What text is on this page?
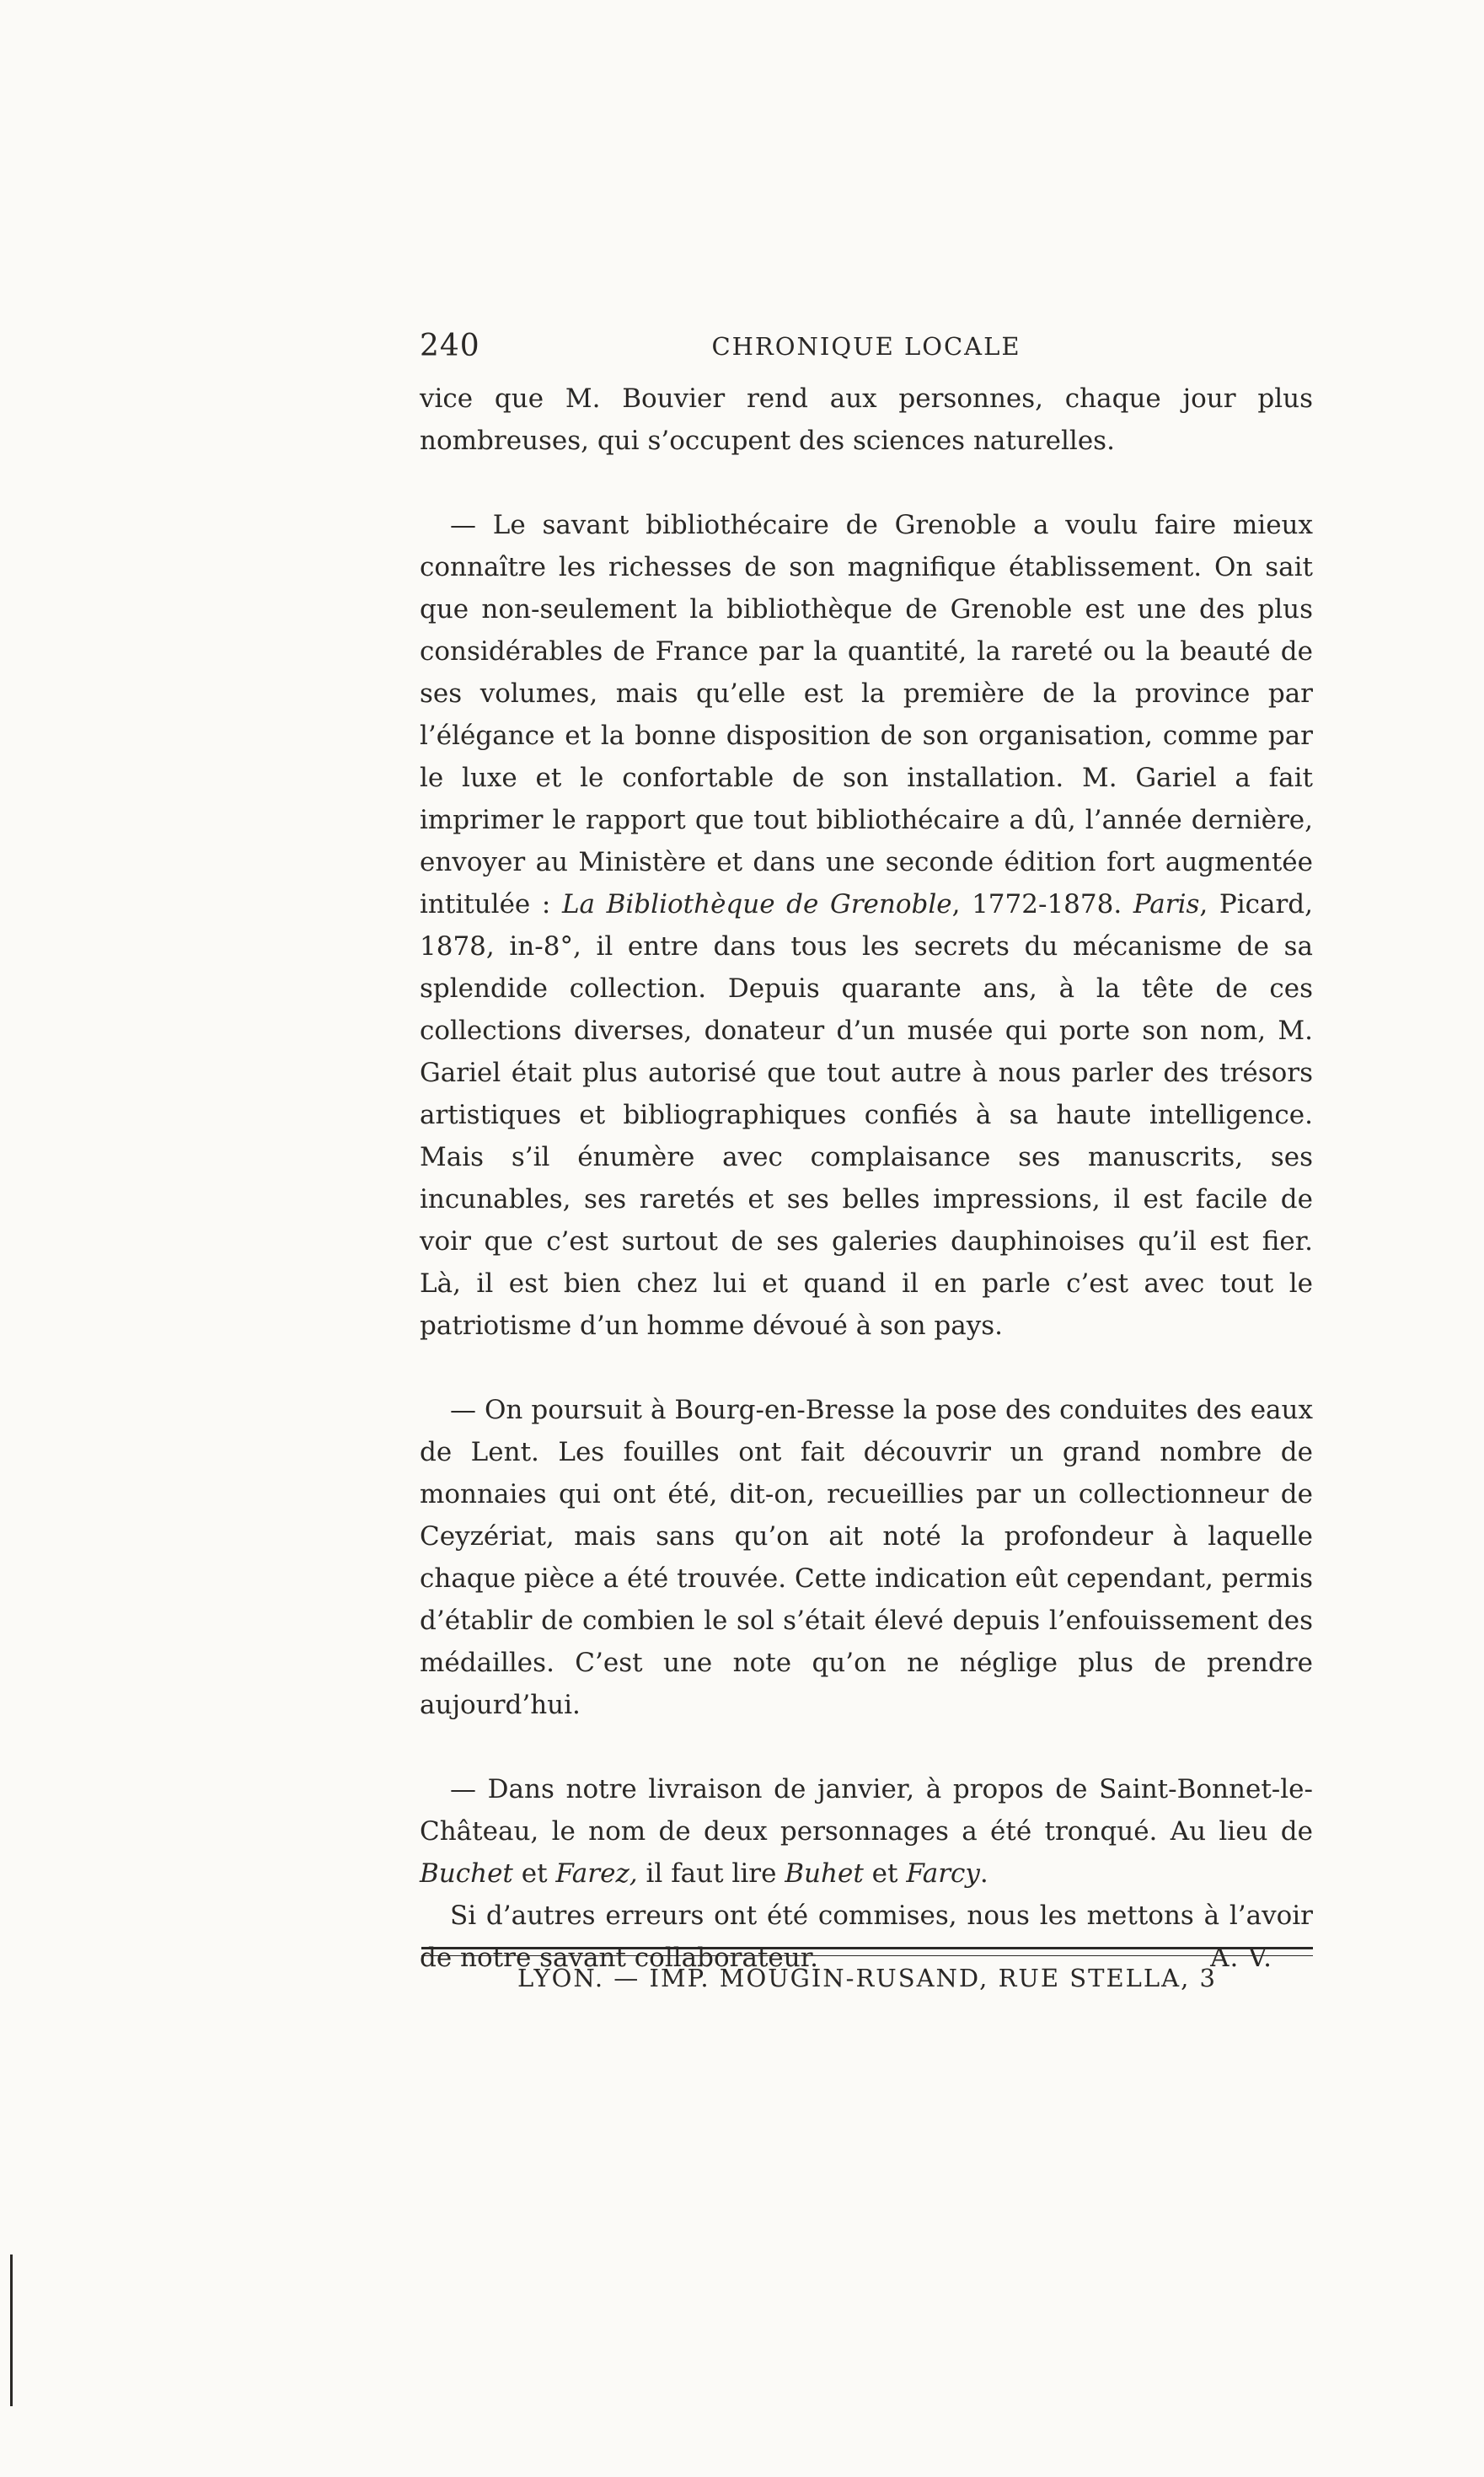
240	CHRONIQUE LOCALE

vice que M. Bouvier rend aux personnes, chaque jour plus nombreuses, qui s’occupent des sciences naturelles.

— Le savant bibliothécaire de Grenoble a voulu faire mieux connaître les richesses de son magnifique établissement. On sait que non-seulement la bibliothèque de Grenoble est une des plus considérables de France par la quantité, la rareté ou la beauté de ses volumes, mais qu’elle est la première de la province par l’élégance et la bonne disposition de son organisation, comme par le luxe et le confortable de son installation. M. Gariel a fait imprimer le rapport que tout bibliothécaire a dû, l’année dernière, envoyer au Ministère et dans une seconde édition fort augmentée intitulée : La Bibliothèque de Grenoble, 1772-1878. Paris, Picard, 1878, in-8°, il entre dans tous les secrets du mécanisme de sa splendide collection. Depuis quarante ans, à la tête de ces collections diverses, donateur d’un musée qui porte son nom, M. Gariel était plus autorisé que tout autre à nous parler des trésors artistiques et bibliographiques confiés à sa haute intelligence. Mais s’il énumère avec complaisance ses manuscrits, ses incunables, ses raretés et ses belles impressions, il est facile de voir que c’est surtout de ses galeries dauphinoises qu’il est fier. Là, il est bien chez lui et quand il en parle c’est avec tout le patriotisme d’un homme dévoué à son pays.

— On poursuit à Bourg-en-Bresse la pose des conduites des eaux de Lent. Les fouilles ont fait découvrir un grand nombre de monnaies qui ont été, dit-on, recueillies par un collectionneur de Ceyzériat, mais sans qu’on ait noté la profondeur à laquelle chaque pièce a été trouvée. Cette indication eût cependant, permis d’établir de combien le sol s’était élevé depuis l’enfouissement des médailles. C’est une note qu’on ne néglige plus de prendre aujourd’hui.

— Dans notre livraison de janvier, à propos de Saint-Bonnet-le-Château, le nom de deux personnages a été tronqué. Au lieu de Buchet et Farez, il faut lire Buhet et Farcy.

Si d’autres erreurs ont été commises, nous les mettons à l’avoir de notre savant collaborateur.	A. V.

LYON. — IMP. MOUGIN-RUSAND, RUE STELLA, 3
